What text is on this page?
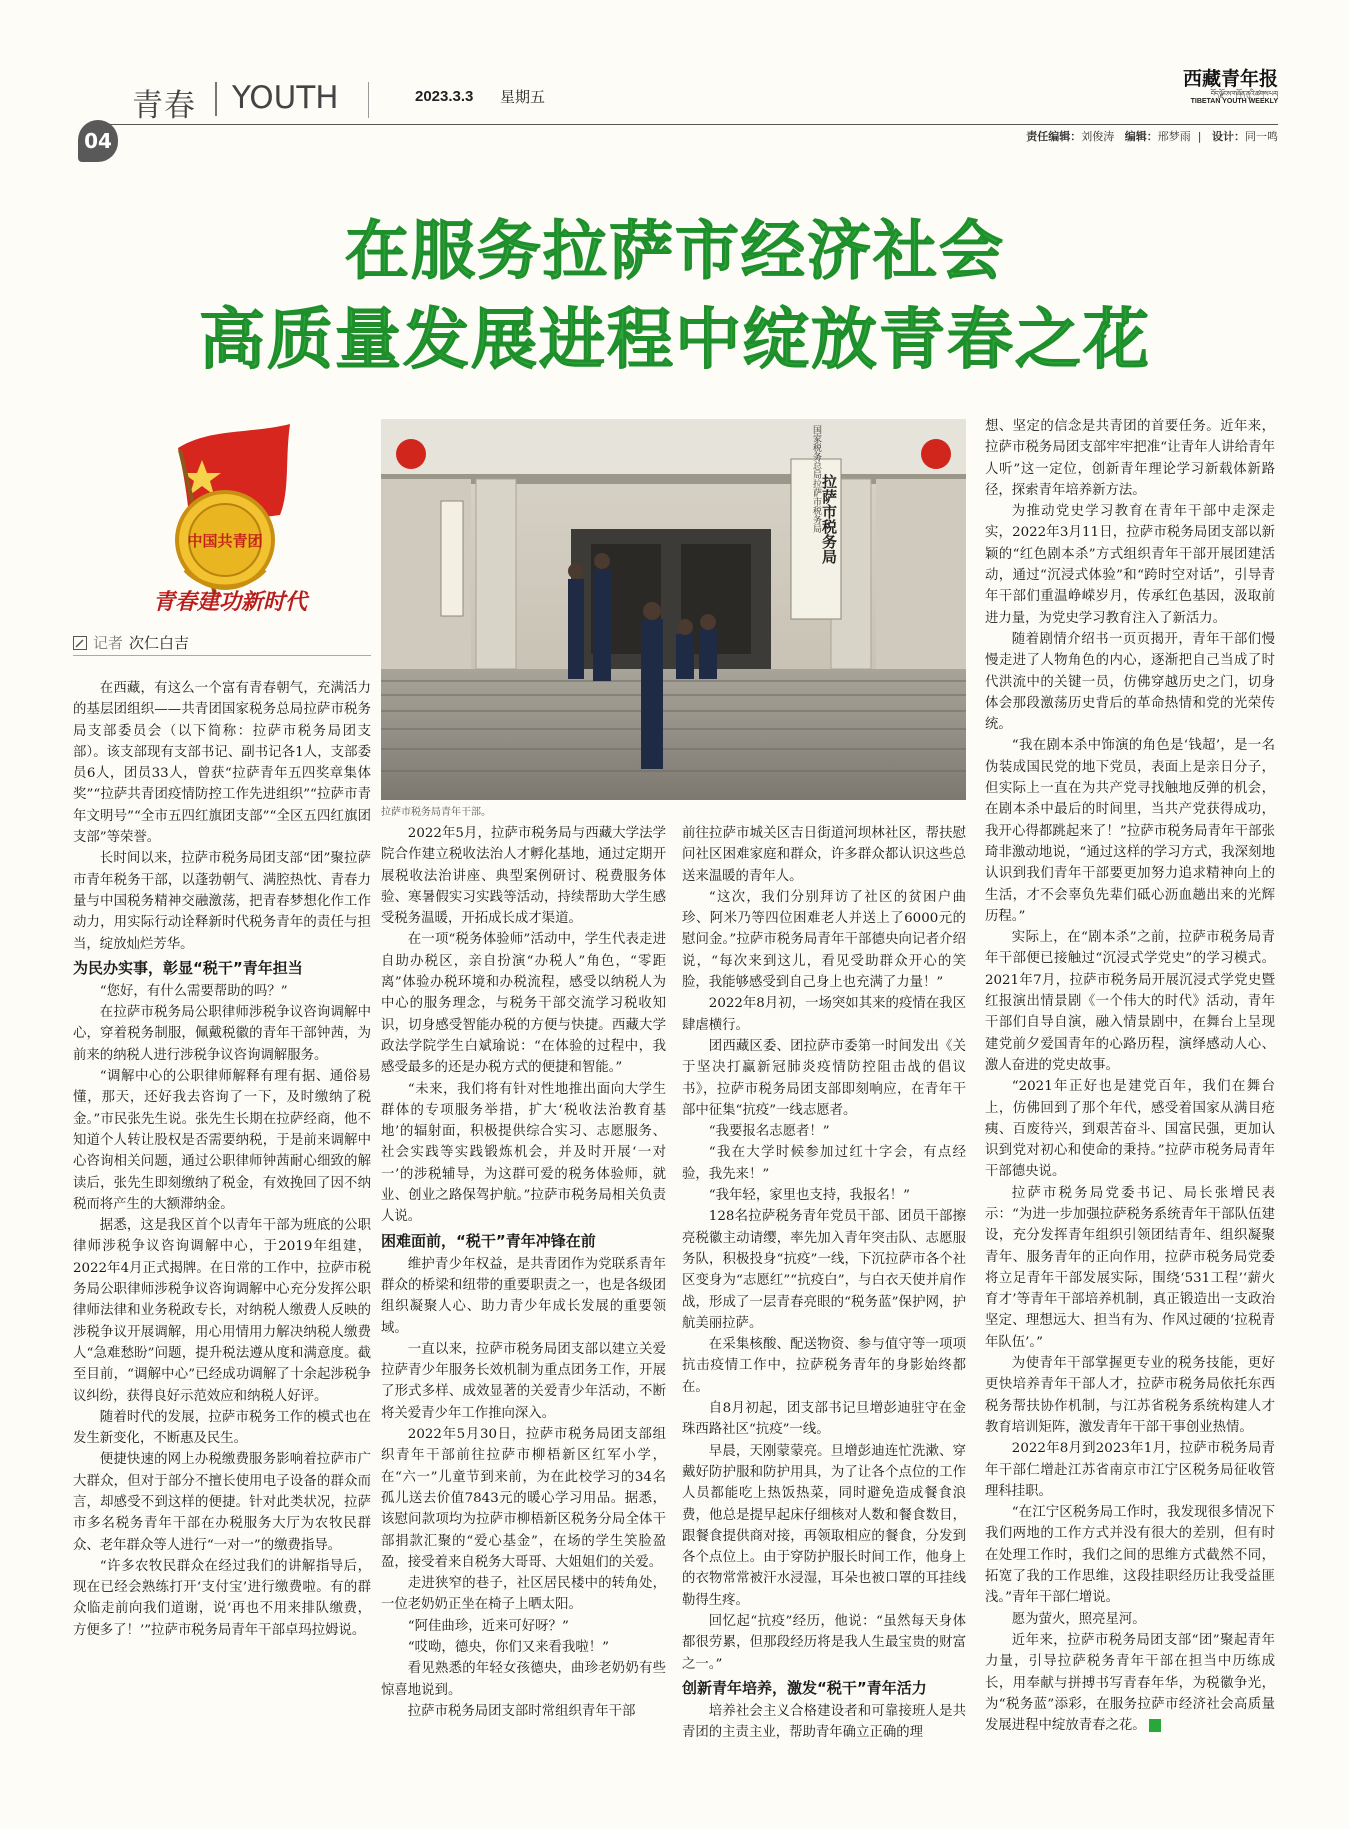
青春 YOUTH	2023.3.3 星期五
04
西藏青年报
བོད་ལྗོངས་གཞོན་ནུའི་ཚགས་པར།
TIBETAN YOUTH WEEKLY
责任编辑：刘俊涛 编辑：邢梦雨  |   设计：同一鸣
在服务拉萨市经济社会
高质量发展进程中绽放青春之花
中国共青团
青春建功新时代
记者 次仁白吉
国家税务总局拉萨市税务局 拉萨市税务局
拉萨市税务局青年干部。

在西藏，有这么一个富有青春朝气，充满活力的基层团组织——共青团国家税务总局拉萨市税务局支部委员会（以下简称：拉萨市税务局团支部）。该支部现有支部书记、副书记各1人，支部委员6人，团员33人，曾获“拉萨青年五四奖章集体奖”“拉萨共青团疫情防控工作先进组织”“拉萨市青年文明号”“全市五四红旗团支部”“全区五四红旗团支部”等荣誉。

长时间以来，拉萨市税务局团支部“团”聚拉萨市青年税务干部，以蓬勃朝气、满腔热忱、青春力量与中国税务精神交融激荡，把青春梦想化作工作动力，用实际行动诠释新时代税务青年的责任与担当，绽放灿烂芳华。

为民办实事，彰显“税干”青年担当

“您好，有什么需要帮助的吗？”

在拉萨市税务局公职律师涉税争议咨询调解中心，穿着税务制服，佩戴税徽的青年干部钟茜，为前来的纳税人进行涉税争议咨询调解服务。

“调解中心的公职律师解释有理有据、通俗易懂，那天，还好我去咨询了一下，及时缴纳了税金。”市民张先生说。张先生长期在拉萨经商，他不知道个人转让股权是否需要纳税，于是前来调解中心咨询相关问题，通过公职律师钟茜耐心细致的解读后，张先生即刻缴纳了税金，有效挽回了因不纳税而将产生的大额滞纳金。

据悉，这是我区首个以青年干部为班底的公职律师涉税争议咨询调解中心，于2019年组建，2022年4月正式揭牌。在日常的工作中，拉萨市税务局公职律师涉税争议咨询调解中心充分发挥公职律师法律和业务税政专长，对纳税人缴费人反映的涉税争议开展调解，用心用情用力解决纳税人缴费人“急难愁盼”问题，提升税法遵从度和满意度。截至目前，“调解中心”已经成功调解了十余起涉税争议纠纷，获得良好示范效应和纳税人好评。

随着时代的发展，拉萨市税务工作的模式也在发生新变化，不断惠及民生。

便捷快速的网上办税缴费服务影响着拉萨市广大群众，但对于部分不擅长使用电子设备的群众而言，却感受不到这样的便捷。针对此类状况，拉萨市多名税务青年干部在办税服务大厅为农牧民群众、老年群众等人进行“一对一”的缴费指导。

“许多农牧民群众在经过我们的讲解指导后，现在已经会熟练打开‘支付宝’进行缴费啦。有的群众临走前向我们道谢，说‘再也不用来排队缴费，方便多了！’”拉萨市税务局青年干部卓玛拉姆说。

2022年5月，拉萨市税务局与西藏大学法学院合作建立税收法治人才孵化基地，通过定期开展税收法治讲座、典型案例研讨、税费服务体验、寒暑假实习实践等活动，持续帮助大学生感受税务温暖，开拓成长成才渠道。

在一项“税务体验师”活动中，学生代表走进自助办税区，亲自扮演“办税人”角色，“零距离”体验办税环境和办税流程，感受以纳税人为中心的服务理念，与税务干部交流学习税收知识，切身感受智能办税的方便与快捷。西藏大学政法学院学生白斌瑜说：“在体验的过程中，我感受最多的还是办税方式的便捷和智能。”

“未来，我们将有针对性地推出面向大学生群体的专项服务举措，扩大‘税收法治教育基地’的辐射面，积极提供综合实习、志愿服务、社会实践等实践锻炼机会，并及时开展‘一对一’的涉税辅导，为这群可爱的税务体验师，就业、创业之路保驾护航。”拉萨市税务局相关负责人说。

困难面前，“税干”青年冲锋在前

维护青少年权益，是共青团作为党联系青年群众的桥梁和纽带的重要职责之一，也是各级团组织凝聚人心、助力青少年成长发展的重要领域。

一直以来，拉萨市税务局团支部以建立关爱拉萨青少年服务长效机制为重点团务工作，开展了形式多样、成效显著的关爱青少年活动，不断将关爱青少年工作推向深入。

2022年5月30日，拉萨市税务局团支部组织青年干部前往拉萨市柳梧新区红军小学，在“六一”儿童节到来前，为在此校学习的34名孤儿送去价值7843元的暖心学习用品。据悉，该慰问款项均为拉萨市柳梧新区税务分局全体干部捐款汇聚的“爱心基金”，在场的学生笑脸盈盈，接受着来自税务大哥哥、大姐姐们的关爱。

走进狭窄的巷子，社区居民楼中的转角处，一位老奶奶正坐在椅子上晒太阳。

“阿佳曲珍，近来可好呀？”

“哎呦，德央，你们又来看我啦！”

看见熟悉的年轻女孩德央，曲珍老奶奶有些惊喜地说到。

拉萨市税务局团支部时常组织青年干部

前往拉萨市城关区吉日街道河坝林社区，帮扶慰问社区困难家庭和群众，许多群众都认识这些总送来温暖的青年人。

“这次，我们分别拜访了社区的贫困户曲珍、阿米乃等四位困难老人并送上了6000元的慰问金。”拉萨市税务局青年干部德央向记者介绍说，“每次来到这儿，看见受助群众开心的笑脸，我能够感受到自己身上也充满了力量！”

2022年8月初，一场突如其来的疫情在我区肆虐横行。

团西藏区委、团拉萨市委第一时间发出《关于坚决打赢新冠肺炎疫情防控阻击战的倡议书》，拉萨市税务局团支部即刻响应，在青年干部中征集“抗疫”一线志愿者。

“我要报名志愿者！”

“我在大学时候参加过红十字会，有点经验，我先来！”

“我年轻，家里也支持，我报名！”

128名拉萨税务青年党员干部、团员干部擦亮税徽主动请缨，率先加入青年突击队、志愿服务队，积极投身“抗疫”一线，下沉拉萨市各个社区变身为“志愿红”“抗疫白”，与白衣天使并肩作战，形成了一层青春亮眼的“税务蓝”保护网，护航美丽拉萨。

在采集核酸、配送物资、参与值守等一项项抗击疫情工作中，拉萨税务青年的身影始终都在。

自8月初起，团支部书记旦增彭迪驻守在金珠西路社区“抗疫”一线。

早晨，天刚蒙蒙亮。旦增彭迪连忙洗漱、穿戴好防护服和防护用具，为了让各个点位的工作人员都能吃上热饭热菜，同时避免造成餐食浪费，他总是提早起床仔细核对人数和餐食数目，跟餐食提供商对接，再领取相应的餐食，分发到各个点位上。由于穿防护服长时间工作，他身上的衣物常常被汗水浸湿，耳朵也被口罩的耳挂线勒得生疼。

回忆起“抗疫”经历，他说：“虽然每天身体都很劳累，但那段经历将是我人生最宝贵的财富之一。”

创新青年培养，激发“税干”青年活力

培养社会主义合格建设者和可靠接班人是共青团的主责主业，帮助青年确立正确的理

想、坚定的信念是共青团的首要任务。近年来，拉萨市税务局团支部牢牢把准“让青年人讲给青年人听”这一定位，创新青年理论学习新载体新路径，探索青年培养新方法。

为推动党史学习教育在青年干部中走深走实，2022年3月11日，拉萨市税务局团支部以新颖的“红色剧本杀”方式组织青年干部开展团建活动，通过“沉浸式体验”和“跨时空对话”，引导青年干部们重温峥嵘岁月，传承红色基因，汲取前进力量，为党史学习教育注入了新活力。

随着剧情介绍书一页页揭开，青年干部们慢慢走进了人物角色的内心，逐渐把自己当成了时代洪流中的关键一员，仿佛穿越历史之门，切身体会那段激荡历史背后的革命热情和党的光荣传统。

“我在剧本杀中饰演的角色是‘钱超’，是一名伪装成国民党的地下党员，表面上是亲日分子，但实际上一直在为共产党寻找触地反弹的机会，在剧本杀中最后的时间里，当共产党获得成功，我开心得都跳起来了！”拉萨市税务局青年干部张琦非激动地说，“通过这样的学习方式，我深刻地认识到我们青年干部要更加努力追求精神向上的生活，才不会辜负先辈们砥心沥血趟出来的光辉历程。”

实际上，在“剧本杀”之前，拉萨市税务局青年干部便已接触过“沉浸式学党史”的学习模式。2021年7月，拉萨市税务局开展沉浸式学党史暨红报演出情景剧《一个伟大的时代》活动，青年干部们自导自演，融入情景剧中，在舞台上呈现建党前夕爱国青年的心路历程，演绎感动人心、激人奋进的党史故事。

“2021年正好也是建党百年，我们在舞台上，仿佛回到了那个年代，感受着国家从满目疮痍、百废待兴，到艰苦奋斗、国富民强，更加认识到党对初心和使命的秉持。”拉萨市税务局青年干部德央说。

拉萨市税务局党委书记、局长张增民表示：“为进一步加强拉萨税务系统青年干部队伍建设，充分发挥青年组织引领团结青年、组织凝聚青年、服务青年的正向作用，拉萨市税务局党委将立足青年干部发展实际，围绕‘531工程’‘薪火育才’等青年干部培养机制，真正锻造出一支政治坚定、理想远大、担当有为、作风过硬的‘拉税青年队伍’。”

为使青年干部掌握更专业的税务技能，更好更快培养青年干部人才，拉萨市税务局依托东西税务帮扶协作机制，与江苏省税务系统构建人才教育培训矩阵，激发青年干部干事创业热情。

2022年8月到2023年1月，拉萨市税务局青年干部仁增赴江苏省南京市江宁区税务局征收管理科挂职。

“在江宁区税务局工作时，我发现很多情况下我们两地的工作方式并没有很大的差别，但有时在处理工作时，我们之间的思维方式截然不同，拓宽了我的工作思维，这段挂职经历让我受益匪浅。”青年干部仁增说。

愿为萤火，照亮星河。

近年来，拉萨市税务局团支部“团”聚起青年力量，引导拉萨税务青年干部在担当中历练成长，用奉献与拼搏书写青春年华，为税徽争光，为“税务蓝”添彩，在服务拉萨市经济社会高质量发展进程中绽放青春之花。
